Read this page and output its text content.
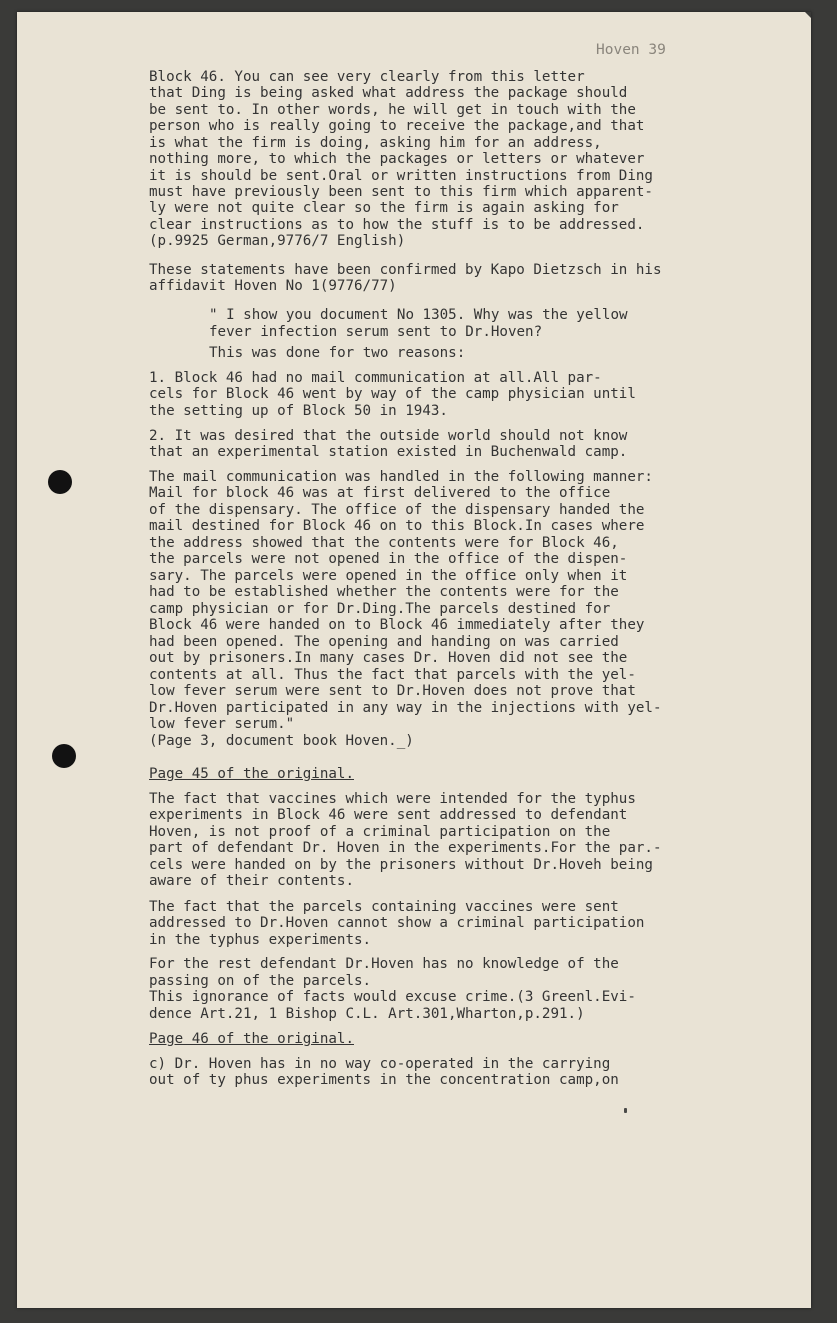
Hoven 39
Block 46. You can see very clearly from this letter
that Ding is being asked what address the package should
be sent to. In other words, he will get in touch with the
person who is really going to receive the package,and that
is what the firm is doing, asking him for an address,
nothing more, to which the packages or letters or whatever
it is should be sent.Oral or written instructions from Ding
must have previously been sent to this firm which apparent-
ly were not quite clear so the firm is again asking for
clear instructions as to how the stuff is to be addressed.
(p.9925 German,9776/7 English)
These statements have been confirmed by Kapo Dietzsch in his
affidavit Hoven No 1(9776/77)
" I show you document No 1305. Why was the yellow
fever infection serum sent to Dr.Hoven?
This was done for two reasons:
1. Block 46 had no mail communication at all.All par-
cels for Block 46 went by way of the camp physician until
the setting up of Block 50 in 1943.
2. It was desired that the outside world should not know
that an experimental station existed in Buchenwald camp.
The mail communication was handled in the following manner:
Mail for block 46 was at first delivered to the office
of the dispensary. The office of the dispensary handed the
mail destined for Block 46 on to this Block.In cases where
the address showed that the contents were for Block 46,
the parcels were not opened in the office of the dispen-
sary. The parcels were opened in the office only when it
had to be established whether the contents were for the
camp physician or for Dr.Ding.The parcels destined for
Block 46 were handed on to Block 46 immediately after they
had been opened. The opening and handing on was carried
out by prisoners.In many cases Dr. Hoven did not see the
contents at all. Thus the fact that parcels with the yel-
low fever serum were sent to Dr.Hoven does not prove that
Dr.Hoven participated in any way in the injections with yel-
low fever serum."
(Page 3, document book Hoven._)
Page 45 of the original.
The fact that vaccines which were intended for the typhus
experiments in Block 46 were sent addressed to defendant
Hoven, is not proof of a criminal participation on the
part of defendant Dr. Hoven in the experiments.For the par.-
cels were handed on by the prisoners without Dr.Hoveh being
aware of their contents.
The fact that the parcels containing vaccines were sent
addressed to Dr.Hoven cannot show a criminal participation
in the typhus experiments.
For the rest defendant Dr.Hoven has no knowledge of the
passing on of the parcels.
This ignorance of facts would excuse crime.(3 Greenl.Evi-
dence Art.21, 1 Bishop C.L. Art.301,Wharton,p.291.)
Page 46 of the original.
c) Dr. Hoven has in no way co-operated in the carrying
out of ty phus experiments in the concentration camp,on
